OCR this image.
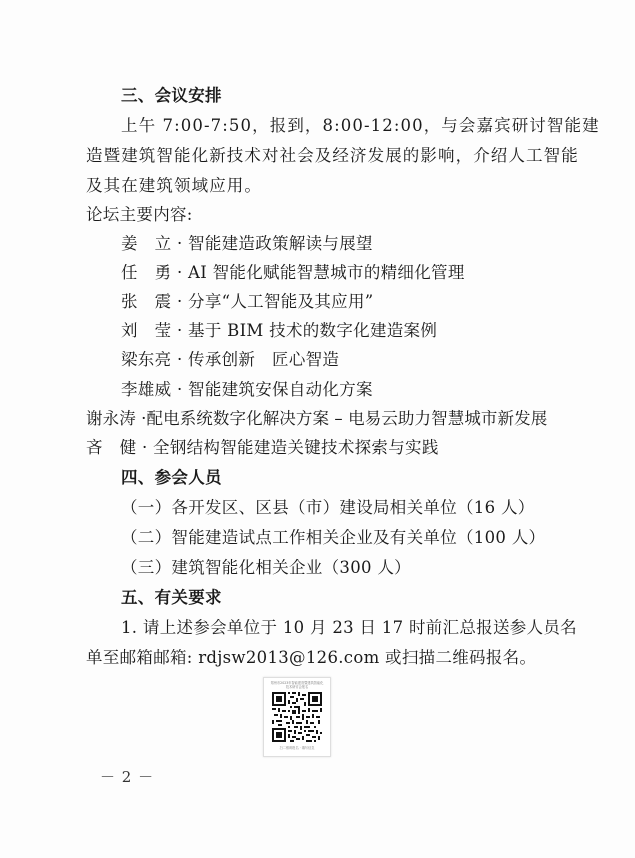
三、会议安排
上午 7:00-7:50，报到，8:00-12:00，与会嘉宾研讨智能建
造暨建筑智能化新技术对社会及经济发展的影响，介绍人工智能
及其在建筑领域应用。
论坛主要内容:
姜　立 · 智能建造政策解读与展望
任　勇 · AI 智能化赋能智慧城市的精细化管理
张　震 · 分享“人工智能及其应用”
刘　莹 · 基于 BIM 技术的数字化建造案例
梁东亮 · 传承创新　匠心智造
李雄威 · 智能建筑安保自动化方案
谢永涛 ·配电系统数字化解决方案 – 电易云助力智慧城市新发展
吝　健 · 全钢结构智能建造关键技术探索与实践
四、参会人员
（一）各开发区、区县（市）建设局相关单位（16 人）
（二）智能建造试点工作相关企业及有关单位（100 人）
（三）建筑智能化相关企业（300 人）
五、有关要求
1. 请上述参会单位于 10 月 23 日 17 时前汇总报送参人员名
单至邮箱邮箱: rdjsw2013@126.com 或扫描二维码报名。
郑州市2023年智能建造暨建筑智能化
技术研讨会报名
扫二维码报名 · 填写信息
－ 2 －
